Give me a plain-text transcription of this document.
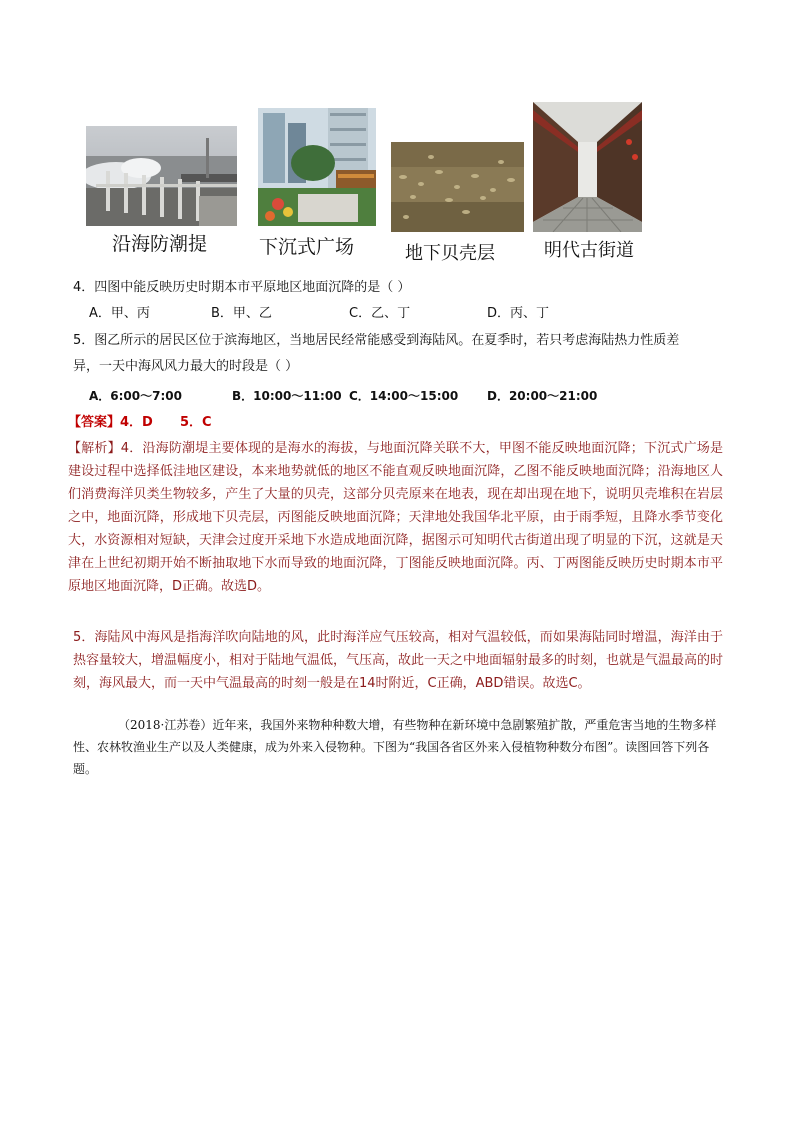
沿海防潮提	下沉式广场	地下贝壳层	明代古街道
4．四图中能反映历史时期本市平原地区地面沉降的是（ ）
A．甲、丙	B．甲、乙	C．乙、丁	D．丙、丁
5．图乙所示的居民区位于滨海地区，当地居民经常能感受到海陆风。在夏季时，若只考虑海陆热力性质差
异，一天中海风风力最大的时段是（ ）
A．6:00～7:00	B．10:00～11:00 C．14:00～15:00 D．20:00～21:00
【答案】4．D      5．C
【解析】4．沿海防潮堤主要体现的是海水的海拔，与地面沉降关联不大，甲图不能反映地面沉降；下沉式广场是建设过程中选择低洼地区建设，本来地势就低的地区不能直观反映地面沉降，乙图不能反映地面沉降；沿海地区人们消费海洋贝类生物较多，产生了大量的贝壳，这部分贝壳原来在地表，现在却出现在地下，说明贝壳堆积在岩层之中，地面沉降，形成地下贝壳层，丙图能反映地面沉降；天津地处我国华北平原，由于雨季短，且降水季节变化大，水资源相对短缺，天津会过度开采地下水造成地面沉降，据图示可知明代古街道出现了明显的下沉，这就是天津在上世纪初期开始不断抽取地下水而导致的地面沉降，丁图能反映地面沉降。丙、丁两图能反映历史时期本市平原地区地面沉降，D正确。故选D。
5．海陆风中海风是指海洋吹向陆地的风，此时海洋应气压较高，相对气温较低，而如果海陆同时增温，海洋由于热容量较大，增温幅度小，相对于陆地气温低，气压高，故此一天之中地面辐射最多的时刻，也就是气温最高的时刻，海风最大，而一天中气温最高的时刻一般是在14时附近，C正确，ABD错误。故选C。
（2018·江苏卷）近年来，我国外来物种种数大增，有些物种在新环境中急剧繁殖扩散，严重危害当地的生物多样性、农林牧渔业生产以及人类健康，成为外来入侵物种。下图为“我国各省区外来入侵植物种数分布图”。读图回答下列各题。
